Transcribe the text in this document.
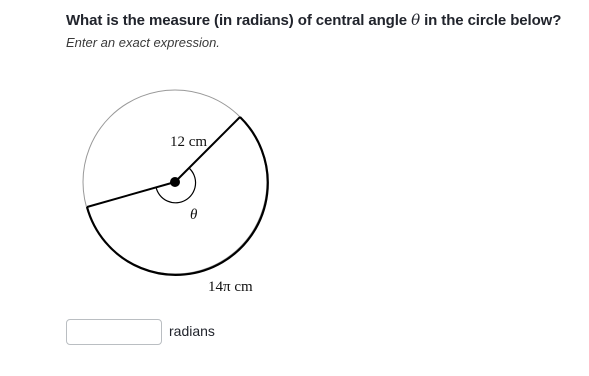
What is the measure (in radians) of central angle θ in the circle below?
Enter an exact expression.
12 cm
θ
14π cm
radians
